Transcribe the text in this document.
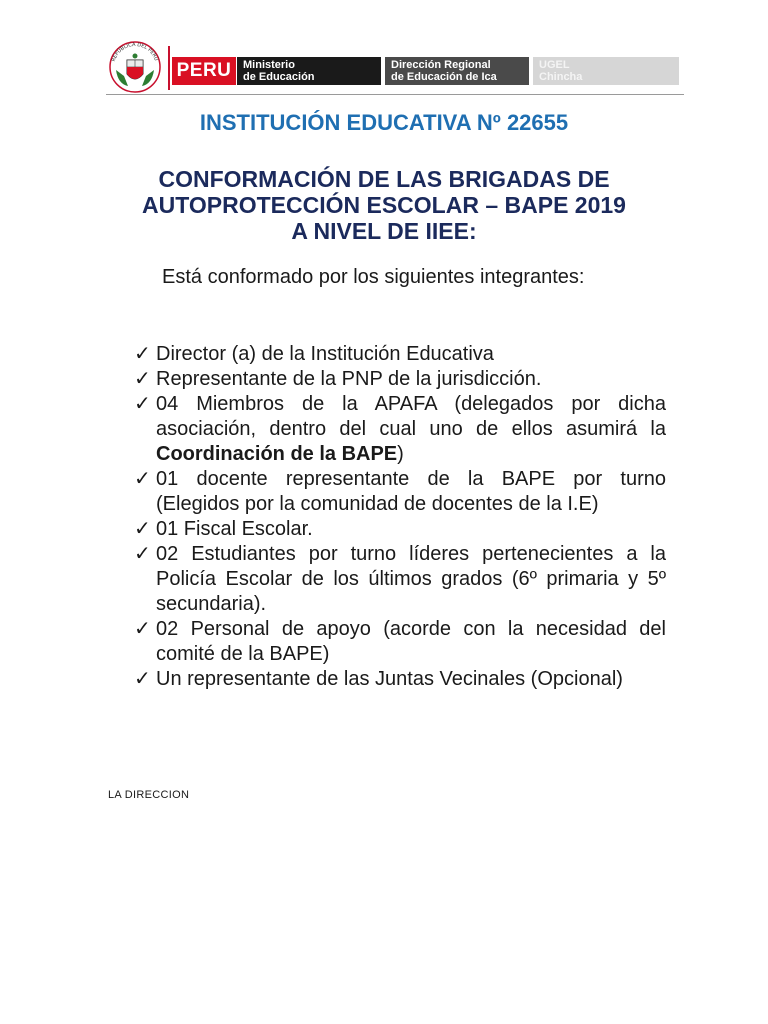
REPÚBLICA DEL PERÚ
PERU Ministerio
de Educación
Dirección Regional
de Educación de Ica
UGEL
Chincha
INSTITUCIÓN EDUCATIVA Nº 22655
CONFORMACIÓN DE LAS BRIGADAS DE
AUTOPROTECCIÓN ESCOLAR – BAPE 2019
A NIVEL DE IIEE:
Está conformado por los siguientes integrantes:
✓ Director (a) de la Institución Educativa
✓ Representante de la PNP de la jurisdicción.
✓ 04 Miembros de la APAFA (delegados por dicha asociación, dentro del cual uno de ellos asumirá la Coordinación de la BAPE)
✓ 01 docente representante de la BAPE por turno (Elegidos por la comunidad de docentes de la I.E)
✓ 01 Fiscal Escolar.
✓ 02 Estudiantes por turno líderes pertenecientes a la Policía Escolar de los últimos grados (6º primaria y 5º secundaria).
✓ 02 Personal de apoyo (acorde con la necesidad del comité de la BAPE)
✓ Un representante de las Juntas Vecinales (Opcional)
LA DIRECCION
